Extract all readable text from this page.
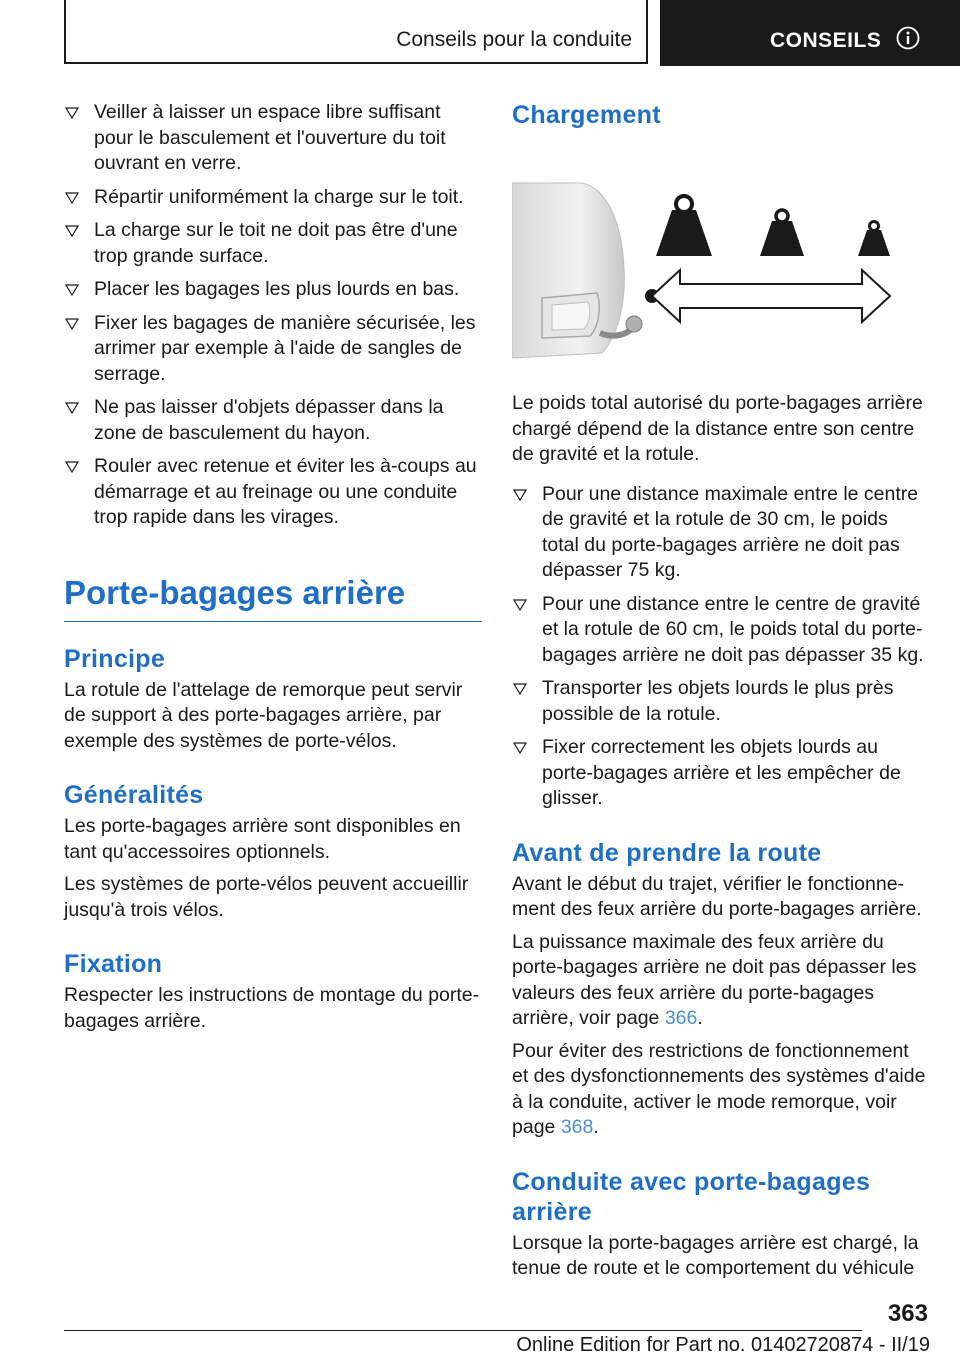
Conseils pour la conduite	CONSEILS
Veiller à laisser un espace libre suffisant pour le basculement et l'ouverture du toit ouvrant en verre.
Répartir uniformément la charge sur le toit.
La charge sur le toit ne doit pas être d'une trop grande surface.
Placer les bagages les plus lourds en bas.
Fixer les bagages de manière sécurisée, les arrimer par exemple à l'aide de sangles de serrage.
Ne pas laisser d'objets dépasser dans la zone de basculement du hayon.
Rouler avec retenue et éviter les à-coups au démarrage et au freinage ou une conduite trop rapide dans les virages.
Porte-bagages arrière
Principe

La rotule de l'attelage de remorque peut servir de support à des porte-bagages arrière, par exemple des systèmes de porte-vélos.

Généralités

Les porte-bagages arrière sont disponibles en tant qu'accessoires optionnels.

Les systèmes de porte-vélos peuvent accueillir jusqu'à trois vélos.

Fixation

Respecter les instructions de montage du porte-bagages arrière.

Chargement

Le poids total autorisé du porte-bagages arrière chargé dépend de la distance entre son centre de gravité et la rotule.

Pour une distance maximale entre le centre de gravité et la rotule de 30 cm, le poids total du porte-bagages arrière ne doit pas dépasser 75 kg.
Pour une distance entre le centre de gravité et la rotule de 60 cm, le poids total du porte-bagages arrière ne doit pas dépasser 35 kg.
Transporter les objets lourds le plus près possible de la rotule.
Fixer correctement les objets lourds au porte-bagages arrière et les empêcher de glisser.
Avant de prendre la route

Avant le début du trajet, vérifier le fonctionnement des feux arrière du porte-bagages arrière.

La puissance maximale des feux arrière du porte-bagages arrière ne doit pas dépasser les valeurs des feux arrière du porte-bagages arrière, voir page 366.

Pour éviter des restrictions de fonctionnement et des dysfonctionnements des systèmes d'aide à la conduite, activer le mode remorque, voir page 368.

Conduite avec porte-bagages arrière

Lorsque la porte-bagages arrière est chargé, la tenue de route et le comportement du véhicule

363
Online Edition for Part no. 01402720874 - II/19
